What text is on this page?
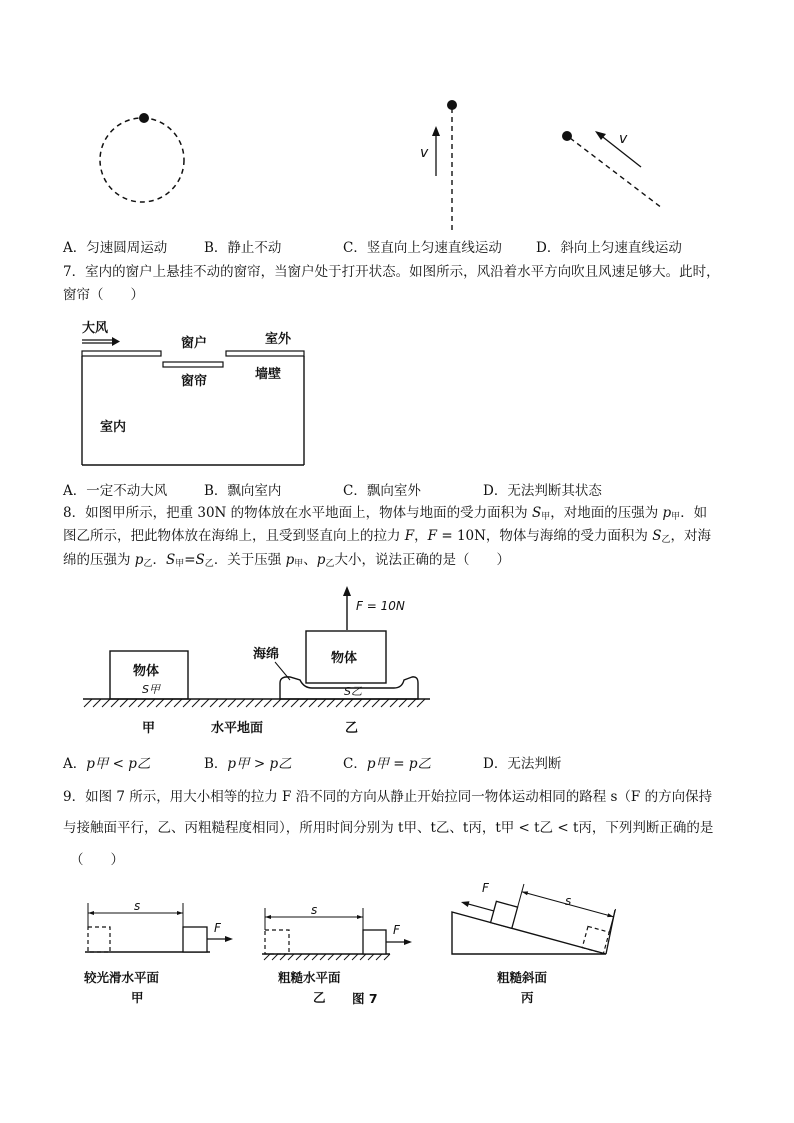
v
v
A．匀速圆周运动	B．静止不动	C．竖直向上匀速直线运动	D．斜向上匀速直线运动
7．室内的窗户上悬挂不动的窗帘，当窗户处于打开状态。如图所示，风沿着水平方向吹且风速足够大。此时，
窗帘（　　）
大风
窗户	室外
窗帘	墙壁
室内
A．一定不动大风	B．飘向室内	C．飘向室外	D．无法判断其状态
8．如图甲所示，把重 30N 的物体放在水平地面上，物体与地面的受力面积为 $S_甲$，对地面的压强为 $p_甲$．如
图乙所示，把此物体放在海绵上，且受到竖直向上的拉力 F，F = 10N，物体与海绵的受力面积为 $S_乙$，对海
绵的压强为 $p_乙$．$S_甲=S_乙$．关于压强 $p_甲$、$p_乙$大小，说法正确的是（　　）
F = 10N
物体
S甲
物体
S乙
海绵
甲	水平地面	乙
A．p甲 < p乙	B．p甲 > p乙	C．p甲 = p乙	D．无法判断
9．如图 7 所示，用大小相等的拉力 F 沿不同的方向从静止开始拉同一物体运动相同的路程 s（F 的方向保持
与接触面平行，乙、丙粗糙程度相同），所用时间分别为 t甲、t乙、t丙，t甲 < t乙 < t丙，下列判断正确的是
（　　）
s
F
较光滑水平面
甲
s
F
粗糙水平面
乙 图 7
s
F
粗糙斜面
丙
